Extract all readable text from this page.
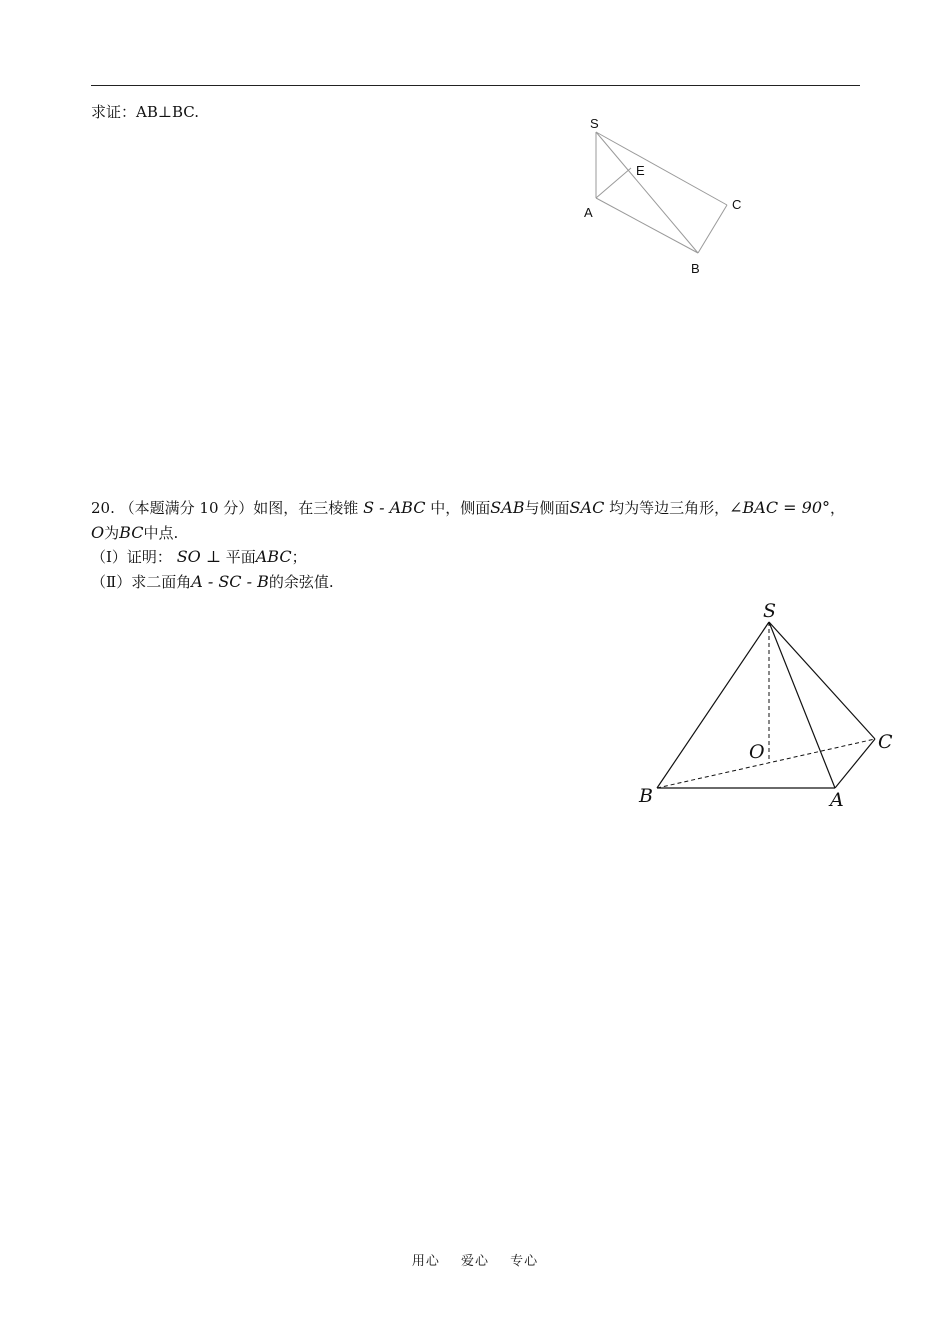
求证：AB⊥BC.
S
E
A
C
B
20. （本题满分 10 分）如图，在三棱锥 S - ABC 中，侧面SAB与侧面SAC 均为等边三角形，∠BAC = 90°，
O为BC中点.
（Ⅰ）证明： SO ⊥ 平面ABC；
（Ⅱ）求二面角A - SC - B的余弦值.
S
O	C
B	A
用心 爱心 专心
